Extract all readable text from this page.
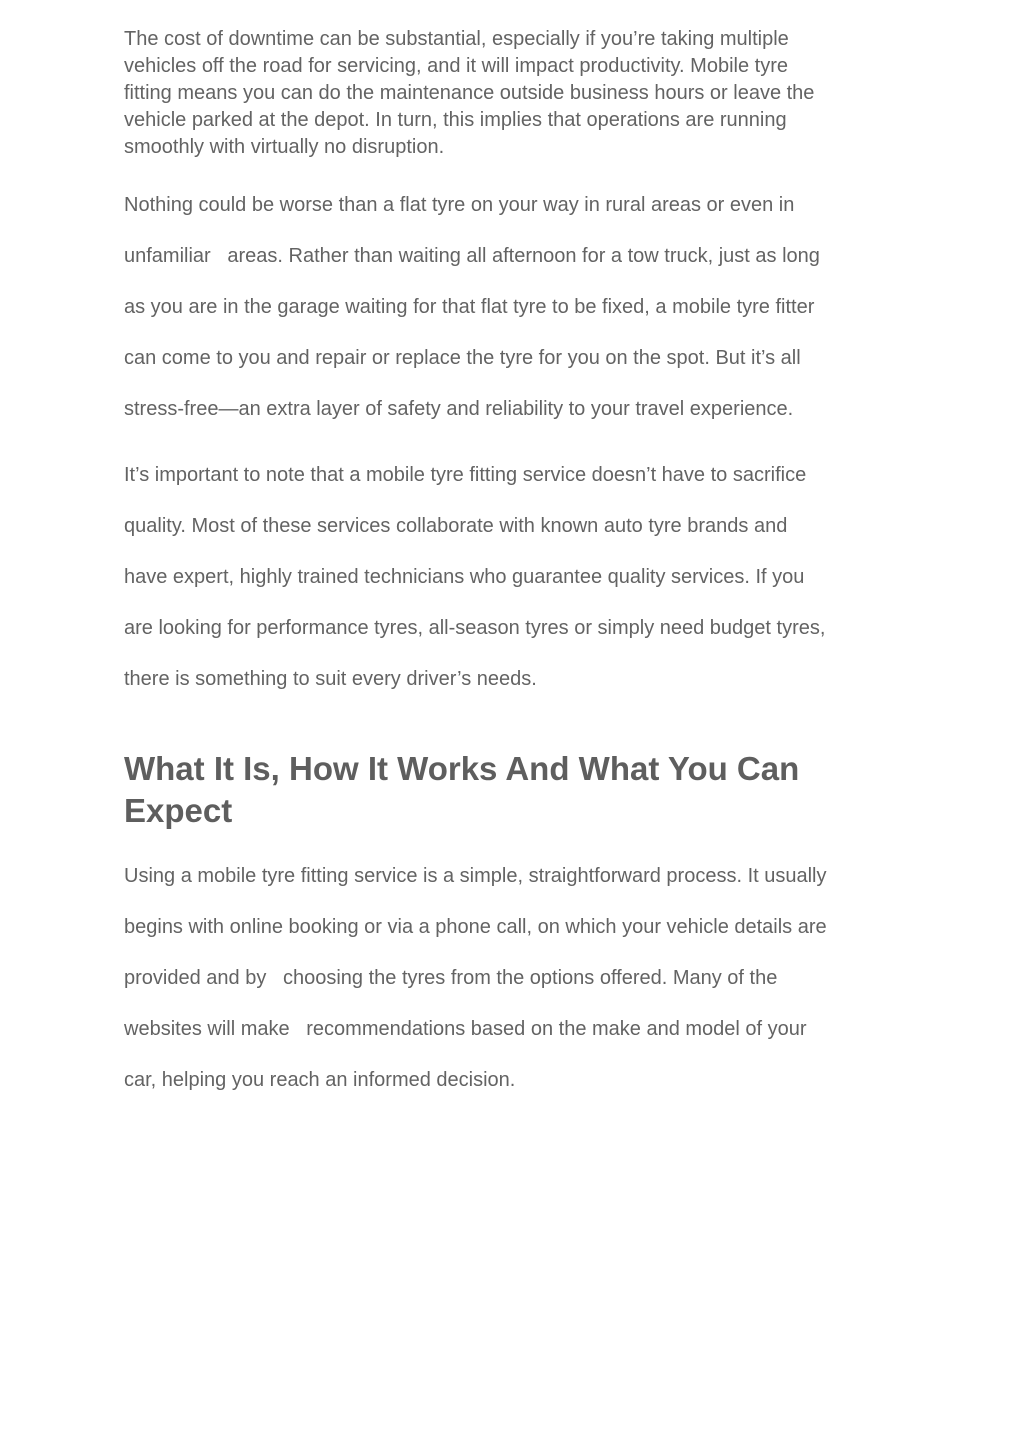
The cost of downtime can be substantial, especially if you’re taking multiple
vehicles off the road for servicing, and it will impact productivity. Mobile tyre
fitting means you can do the maintenance outside business hours or leave the
vehicle parked at the depot. In turn, this implies that operations are running
smoothly with virtually no disruption.
Nothing could be worse than a flat tyre on your way in rural areas or even in
unfamiliar   areas. Rather than waiting all afternoon for a tow truck, just as long
as you are in the garage waiting for that flat tyre to be fixed, a mobile tyre fitter
can come to you and repair or replace the tyre for you on the spot. But it’s all
stress-free—an extra layer of safety and reliability to your travel experience.
It’s important to note that a mobile tyre fitting service doesn’t have to sacrifice
quality. Most of these services collaborate with known auto tyre brands and
have expert, highly trained technicians who guarantee quality services. If you
are looking for performance tyres, all-season tyres or simply need budget tyres,
there is something to suit every driver’s needs.
What It Is, How It Works And What You Can
Expect
Using a mobile tyre fitting service is a simple, straightforward process. It usually
begins with online booking or via a phone call, on which your vehicle details are
provided and by   choosing the tyres from the options offered. Many of the
websites will make   recommendations based on the make and model of your
car, helping you reach an informed decision.
